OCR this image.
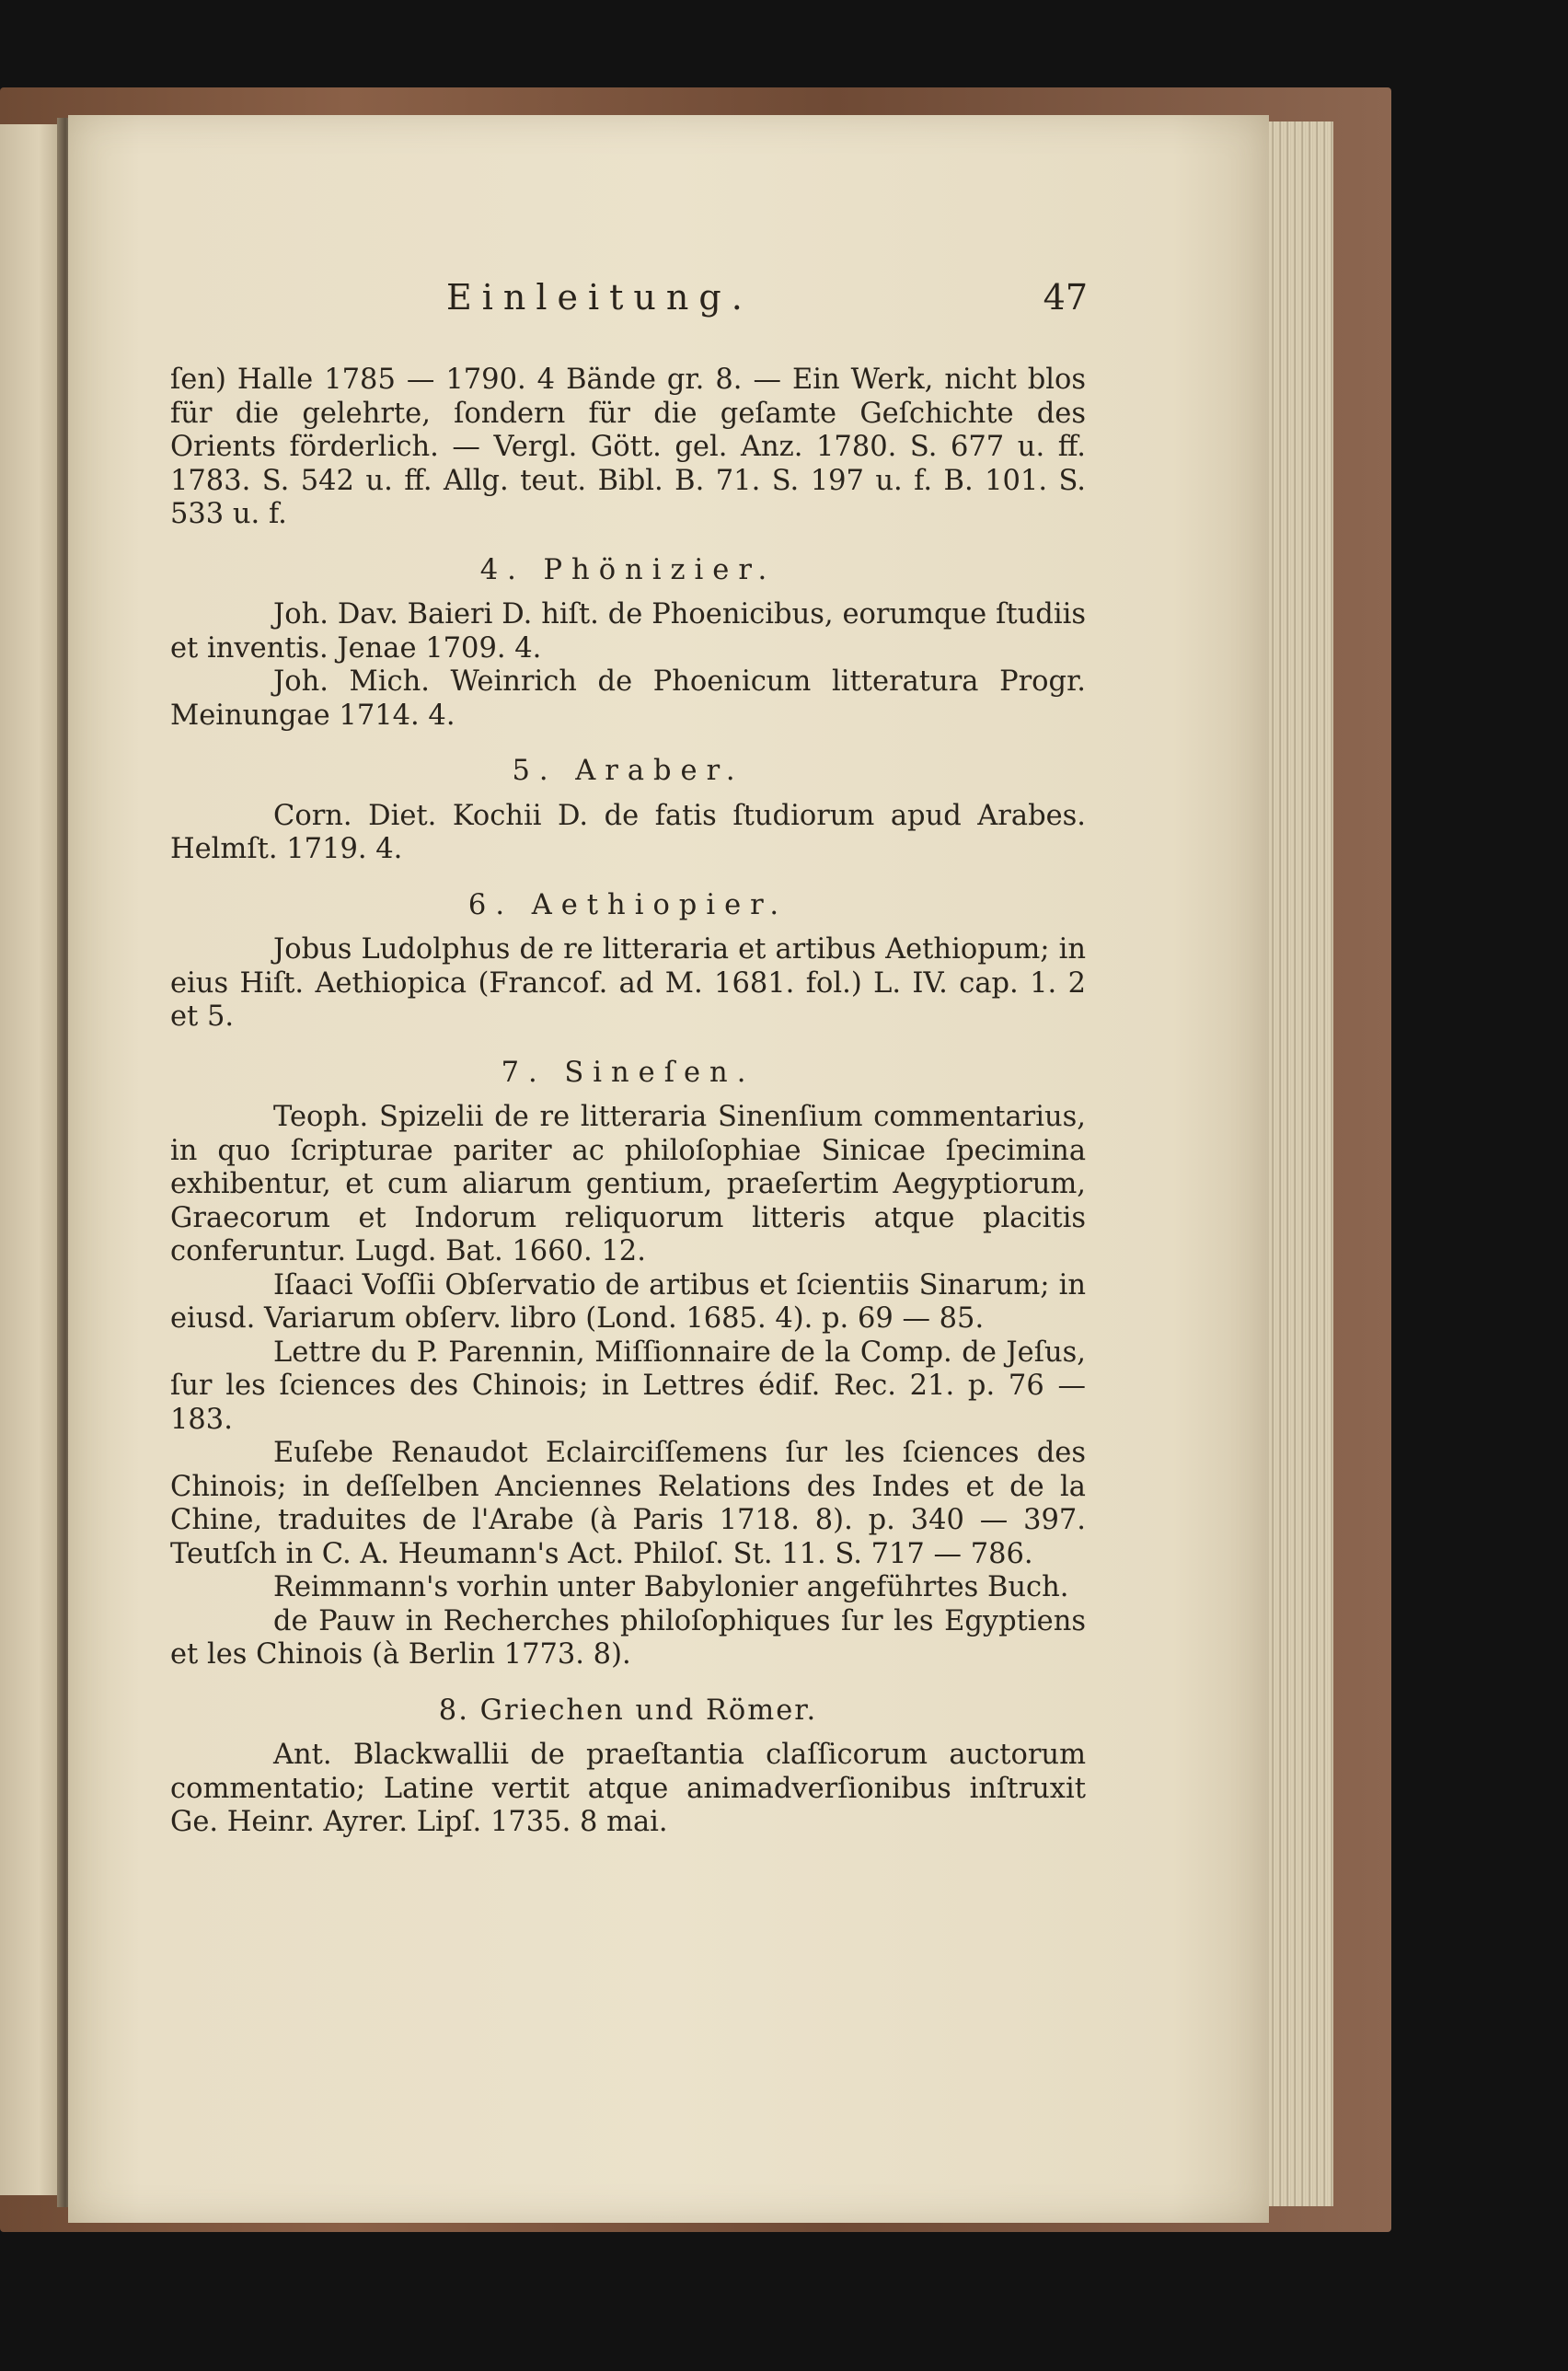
Einleitung.	47

ſen) Halle 1785 — 1790. 4 Bände gr. 8. — Ein Werk, nicht blos für die gelehrte, ſondern für die geſamte Geſchichte des Orients förderlich. — Vergl. Gött. gel. Anz. 1780. S. 677 u. ff. 1783. S. 542 u. ff. Allg. teut. Bibl. B. 71. S. 197 u. f. B. 101. S. 533 u. f.

4. Phönizier.

Joh. Dav. Baieri D. hiſt. de Phoenicibus, eorumque ſtudiis et inventis. Jenae 1709. 4.

Joh. Mich. Weinrich de Phoenicum litteratura Progr. Meinungae 1714. 4.

5. Araber.

Corn. Diet. Kochii D. de fatis ſtudiorum apud Arabes. Helmſt. 1719. 4.

6. Aethiopier.

Jobus Ludolphus de re litteraria et artibus Aethiopum; in eius Hiſt. Aethiopica (Francof. ad M. 1681. fol.) L. IV. cap. 1. 2 et 5.

7. Sineſen.

Teoph. Spizelii de re litteraria Sinenſium commentarius, in quo ſcripturae pariter ac philoſophiae Sinicae ſpecimina exhibentur, et cum aliarum gentium, praeſertim Aegyptiorum, Graecorum et Indorum reliquorum litteris atque placitis conferuntur. Lugd. Bat. 1660. 12.

Iſaaci Voſſii Obſervatio de artibus et ſcientiis Sinarum; in eiusd. Variarum obſerv. libro (Lond. 1685. 4). p. 69 — 85.

Lettre du P. Parennin, Miſſionnaire de la Comp. de Jeſus, ſur les ſciences des Chinois; in Lettres édif. Rec. 21. p. 76 — 183.

Euſebe Renaudot Eclairciſſemens ſur les ſciences des Chinois; in deſſelben Anciennes Relations des Indes et de la Chine, traduites de l'Arabe (à Paris 1718. 8). p. 340 — 397. Teutſch in C. A. Heumann's Act. Philoſ. St. 11. S. 717 — 786.

Reimmann's vorhin unter Babylonier angeführtes Buch.

de Pauw in Recherches philoſophiques ſur les Egyptiens et les Chinois (à Berlin 1773. 8).

8. Griechen und Römer.

Ant. Blackwallii de praeſtantia claſſicorum auctorum commentatio; Latine vertit atque animadverſionibus inſtruxit Ge. Heinr. Ayrer. Lipſ. 1735. 8 mai.
